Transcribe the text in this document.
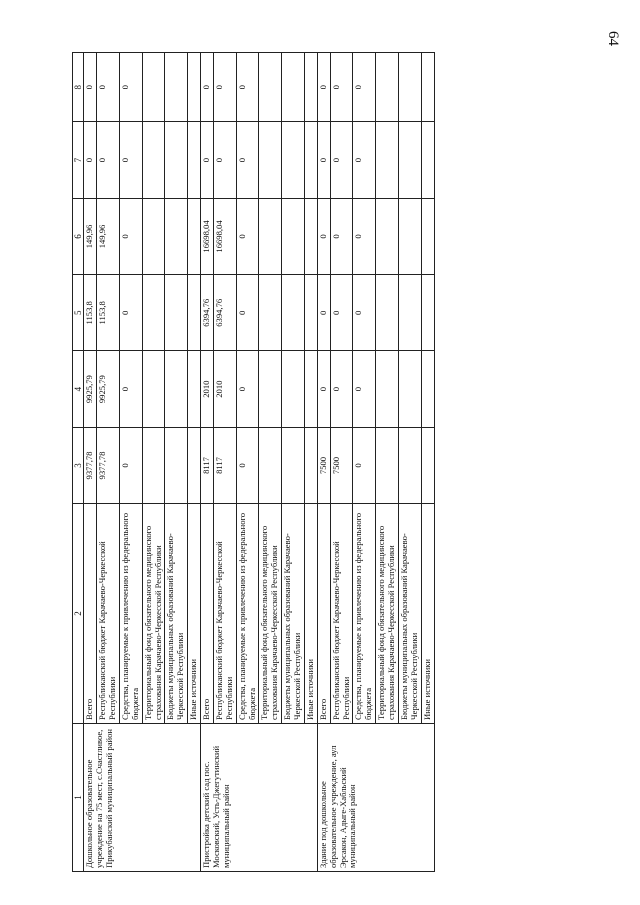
64
1	2	3	4	5	6	7	8
Дошкольное образовательное учреждение на 75 мест, с.Счастливое, Прикубанский муниципальный район	Всего	9377,78	9925,79	1153,8	149,96	0	0
	Республиканский бюджет Карачаево-Черкесской Республики	9377,78	9925,79	1153,8	149,96	0	0
	Средства, планируемые к привлечению из федерального бюджета	0	0	0	0	0	0
	Территориальный фонд обязательного медицинского страхования Карачаево-Черкесской Республики						
	Бюджеты муниципальных образований Карачаево-Черкесской Республики						
	Иные источники						
Пристройка детский сад пос. Московский, Усть-Джегутинский муниципальный район	Всего	8117	2010	6394,76	16698,04	0	0
	Республиканский бюджет Карачаево-Черкесской Республики	8117	2010	6394,76	16698,04	0	0
	Средства, планируемые к привлечению из федерального бюджета	0	0	0	0	0	0
	Территориальный фонд обязательного медицинского страхования Карачаево-Черкесской Республики						
	Бюджеты муниципальных образований Карачаево-Черкесской Республики						
	Иные источники						
Здание под дошкольное образовательное учреждение, аул Эрсакон, Адыге-Хабльский муниципальный район	Всего	7500	0	0	0	0	0
	Республиканский бюджет Карачаево-Черкесской Республики	7500	0	0	0	0	0
	Средства, планируемые к привлечению из федерального бюджета	0	0	0	0	0	0
	Территориальный фонд обязательного медицинского страхования Карачаево-Черкесской Республики						
	Бюджеты муниципальных образований Карачаево-Черкесской Республики						
	Иные источники						
